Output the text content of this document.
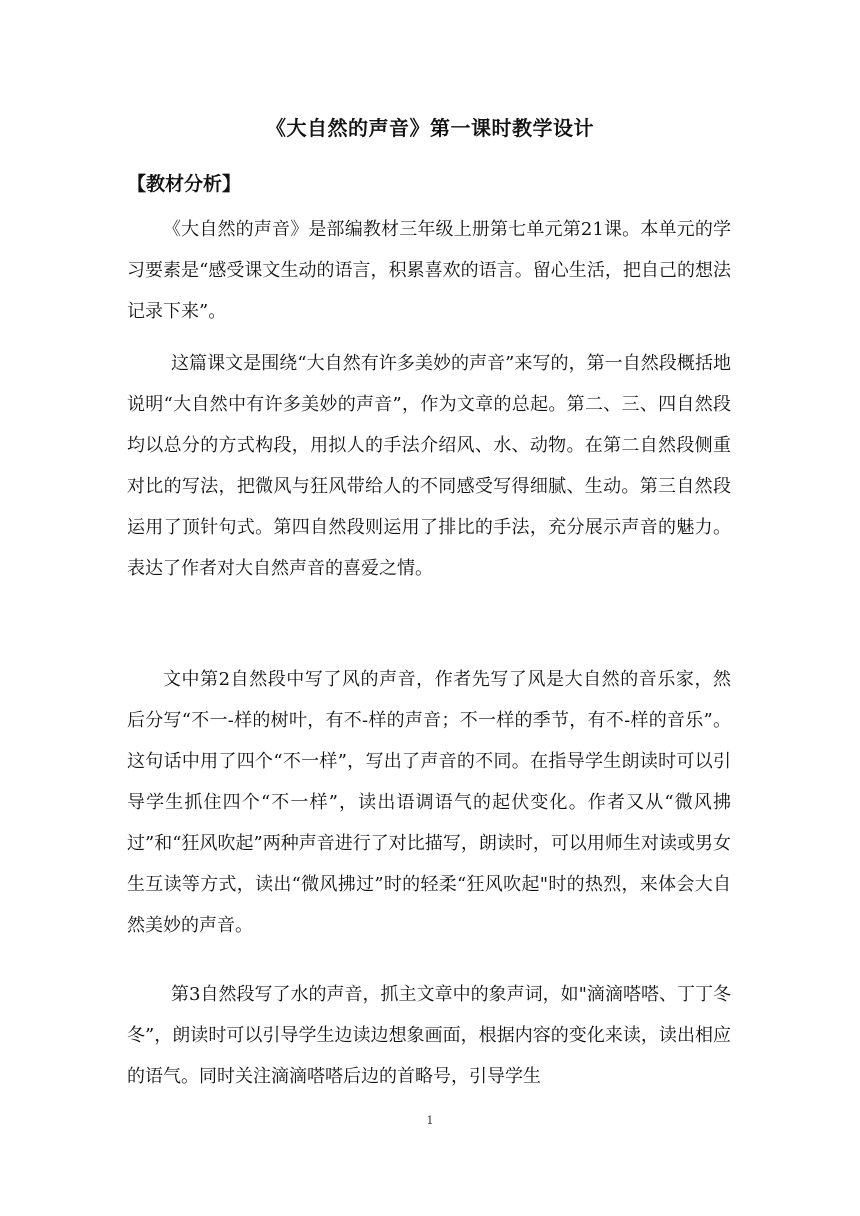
《大自然的声音》第一课时教学设计
【教材分析】

《大自然的声音》是部编教材三年级上册第七单元第21课。本单元的学习要素是“感受课文生动的语言，积累喜欢的语言。留心生活，把自己的想法记录下来”。

这篇课文是围绕“大自然有许多美妙的声音”来写的，第一自然段概括地说明“大自然中有许多美妙的声音”，作为文章的总起。第二、三、四自然段均以总分的方式构段，用拟人的手法介绍风、水、动物。在第二自然段侧重对比的写法，把微风与狂风带给人的不同感受写得细腻、生动。第三自然段运用了顶针句式。第四自然段则运用了排比的手法，充分展示声音的魅力。表达了作者对大自然声音的喜爱之情。

文中第2自然段中写了风的声音，作者先写了风是大自然的音乐家，然后分写“不一-样的树叶，有不-样的声音；不一样的季节，有不-样的音乐”。这句话中用了四个“不一样”，写出了声音的不同。在指导学生朗读时可以引导学生抓住四个“不一样”，读出语调语气的起伏变化。作者又从“微风拂过”和“狂风吹起”两种声音进行了对比描写，朗读时，可以用师生对读或男女生互读等方式，读出“微风拂过”时的轻柔“狂风吹起"时的热烈，来体会大自然美妙的声音。

第3自然段写了水的声音，抓主文章中的象声词，如"滴滴嗒嗒、丁丁冬冬”，朗读时可以引导学生边读边想象画面，根据内容的变化来读，读出相应的语气。同时关注滴滴嗒嗒后边的首略号，引导学生

1
